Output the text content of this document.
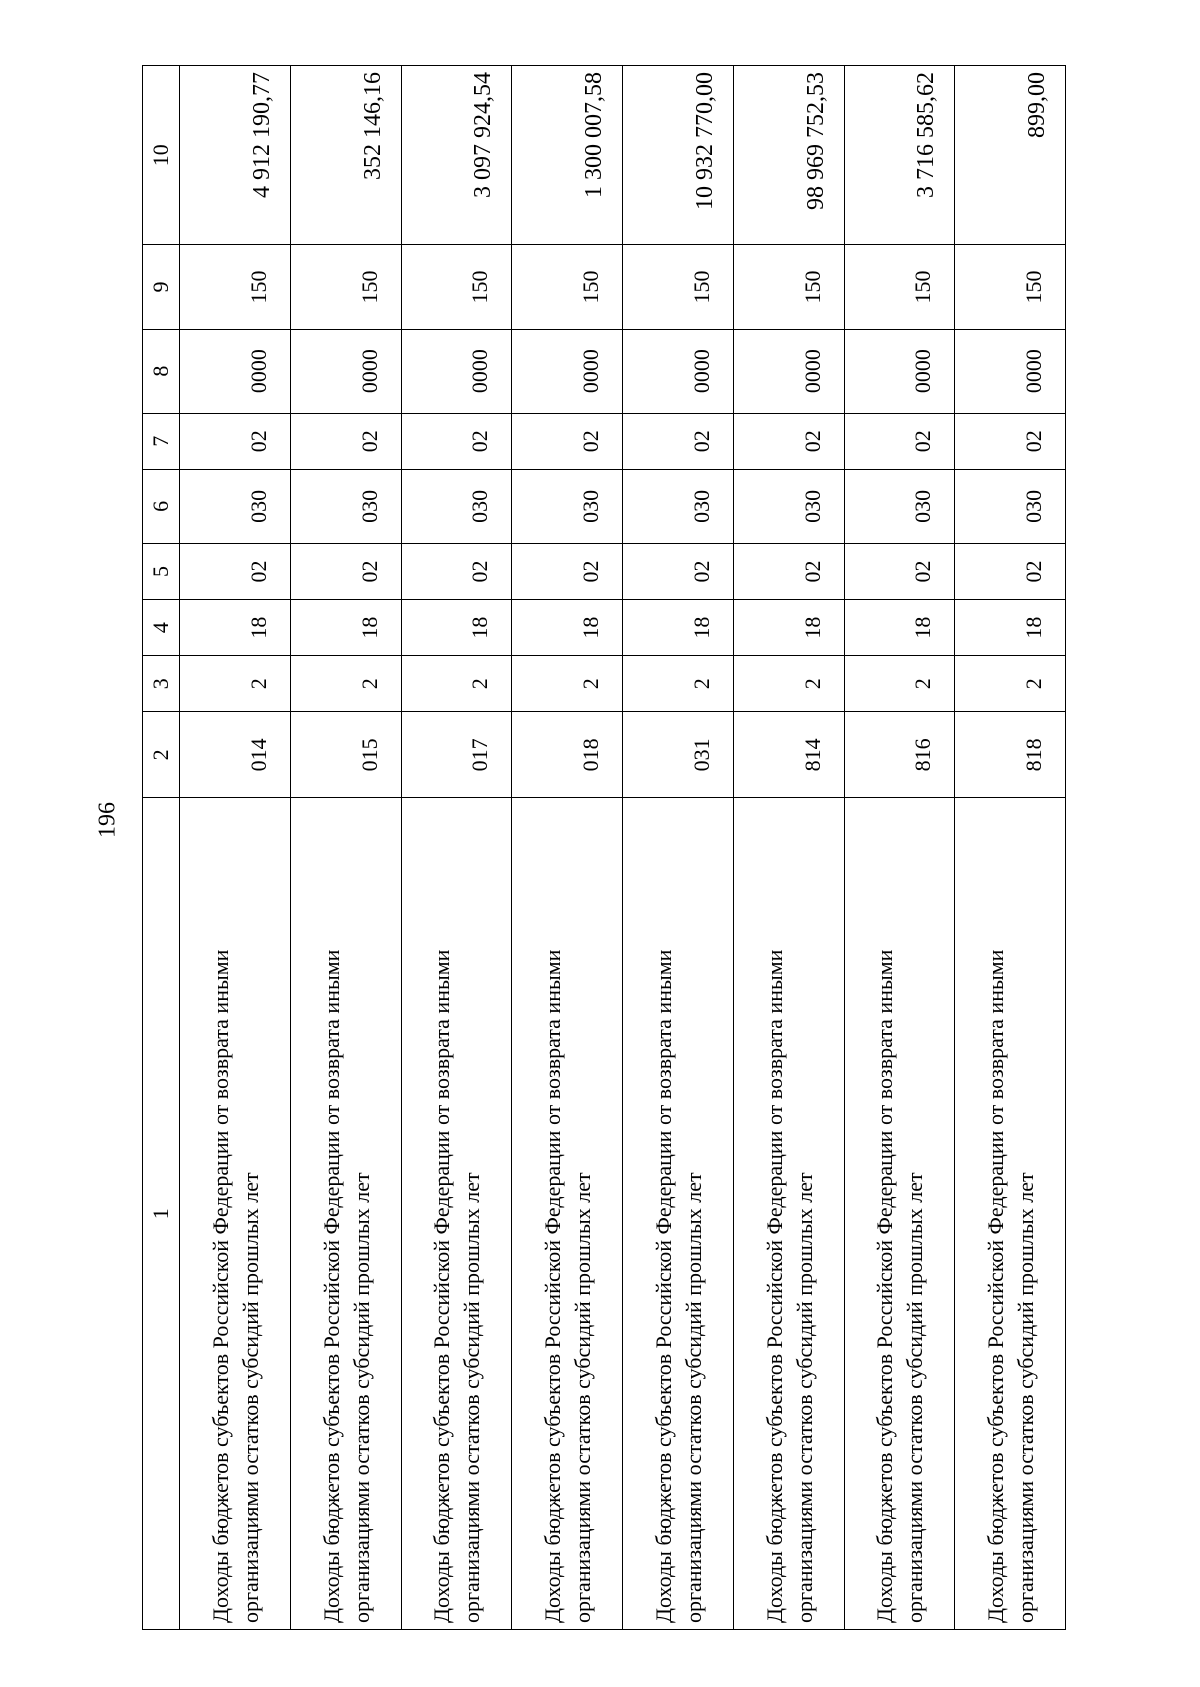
196
1	2	3	4	5	6	7	8	9	10
Доходы бюджетов субъектов Российской Федерации от возврата иными организациями остатков субсидий прошлых лет	014	2	18	02	030	02	0000	150	4 912 190,77
Доходы бюджетов субъектов Российской Федерации от возврата иными организациями остатков субсидий прошлых лет	015	2	18	02	030	02	0000	150	352 146,16
Доходы бюджетов субъектов Российской Федерации от возврата иными организациями остатков субсидий прошлых лет	017	2	18	02	030	02	0000	150	3 097 924,54
Доходы бюджетов субъектов Российской Федерации от возврата иными организациями остатков субсидий прошлых лет	018	2	18	02	030	02	0000	150	1 300 007,58
Доходы бюджетов субъектов Российской Федерации от возврата иными организациями остатков субсидий прошлых лет	031	2	18	02	030	02	0000	150	10 932 770,00
Доходы бюджетов субъектов Российской Федерации от возврата иными организациями остатков субсидий прошлых лет	814	2	18	02	030	02	0000	150	98 969 752,53
Доходы бюджетов субъектов Российской Федерации от возврата иными организациями остатков субсидий прошлых лет	816	2	18	02	030	02	0000	150	3 716 585,62
Доходы бюджетов субъектов Российской Федерации от возврата иными организациями остатков субсидий прошлых лет	818	2	18	02	030	02	0000	150	899,00
